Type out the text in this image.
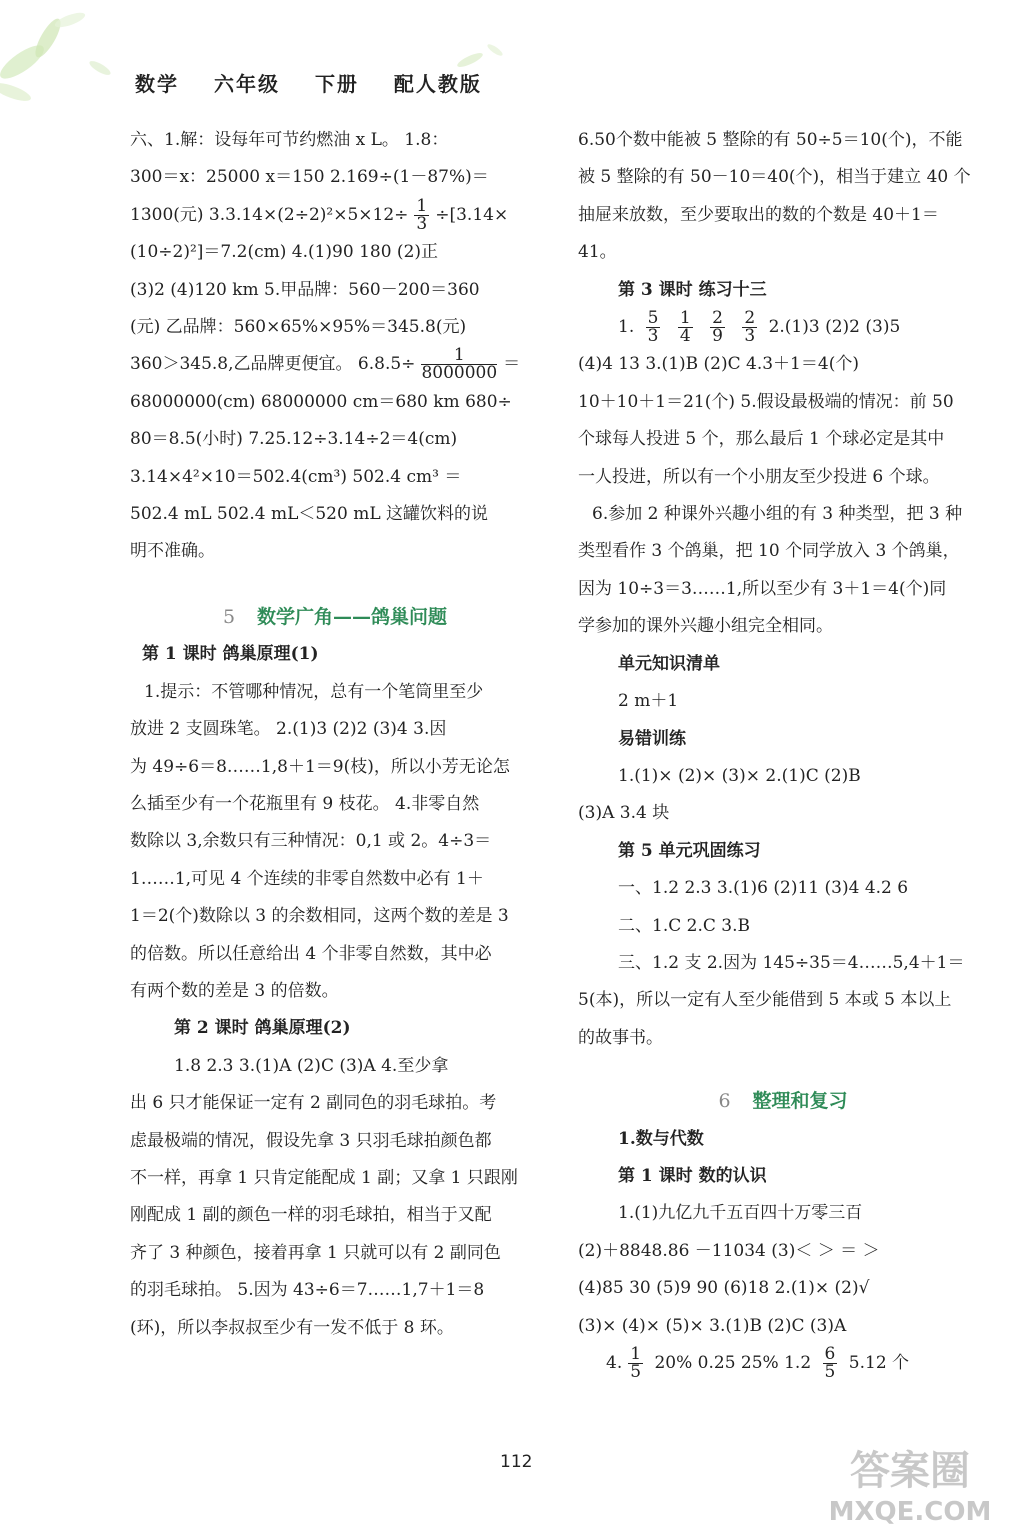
数学 六年级 下册 配人教版

六、1.解：设每年可节约燃油 x L。 1.8：

300＝x：25000 x＝150 2.169÷(1－87%)＝

1300(元) $3.3.14\times(2\div 2)^2\times 5\times 12\div \frac{1}{3} \div[3.14\times$

(10÷2)²]＝7.2(cm) 4.(1)90 180 (2)正

(3)2 (4)120 km 5.甲品牌：560－200＝360

(元) 乙品牌：560×65%×95%＝345.8(元)

360＞345.8,乙品牌更便宜。 $6.8.5\div \frac{1}{8000000}$ ＝

68000000(cm) 68000000 cm＝680 km 680÷

80＝8.5(小时) 7.25.12÷3.14÷2＝4(cm)

3.14×4²×10＝502.4(cm³) 502.4 cm³ ＝

502.4 mL 502.4 mL＜520 mL 这罐饮料的说

明不准确。

5 数学广角——鸽巢问题

第 1 课时 鸽巢原理(1)

1.提示：不管哪种情况，总有一个笔筒里至少

放进 2 支圆珠笔。 2.(1)3 (2)2 (3)4 3.因

为 49÷6＝8……1,8＋1＝9(枝)，所以小芳无论怎

么插至少有一个花瓶里有 9 枝花。 4.非零自然

数除以 3,余数只有三种情况：0,1 或 2。4÷3＝

1……1,可见 4 个连续的非零自然数中必有 1＋

1＝2(个)数除以 3 的余数相同，这两个数的差是 3

的倍数。所以任意给出 4 个非零自然数，其中必

有两个数的差是 3 的倍数。

第 2 课时 鸽巢原理(2)

1.8 2.3 3.(1)A (2)C (3)A 4.至少拿

出 6 只才能保证一定有 2 副同色的羽毛球拍。考

虑最极端的情况，假设先拿 3 只羽毛球拍颜色都

不一样，再拿 1 只肯定能配成 1 副；又拿 1 只跟刚

刚配成 1 副的颜色一样的羽毛球拍，相当于又配

齐了 3 种颜色，接着再拿 1 只就可以有 2 副同色

的羽毛球拍。 5.因为 43÷6＝7……1,7＋1＝8

(环)，所以李叔叔至少有一发不低于 8 环。

6.50个数中能被 5 整除的有 50÷5＝10(个)，不能

被 5 整除的有 50－10＝40(个)，相当于建立 40 个

抽屉来放数，至少要取出的数的个数是 40＋1＝

41。

第 3 课时 练习十三

1. $\frac{5}{3}$
$\frac{1}{4}$
$\frac{2}{9}$
$\frac{2}{3} 2.(1)3$ (2)2 (3)5

(4)4 13 3.(1)B (2)C 4.3＋1＝4(个)

10＋10＋1＝21(个) 5.假设最极端的情况：前 50

个球每人投进 5 个，那么最后 1 个球必定是其中

一人投进，所以有一个小朋友至少投进 6 个球。

6.参加 2 种课外兴趣小组的有 3 种类型，把 3 种

类型看作 3 个鸽巢，把 10 个同学放入 3 个鸽巢，

因为 10÷3＝3……1,所以至少有 3＋1＝4(个)同

学参加的课外兴趣小组完全相同。

单元知识清单

2 m＋1

易错训练

1.(1)× (2)× (3)× 2.(1)C (2)B

(3)A 3.4 块

第 5 单元巩固练习

一、1.2 2.3 3.(1)6 (2)11 (3)4 4.2 6

二、1.C 2.C 3.B

三、1.2 支 2.因为 145÷35＝4……5,4＋1＝

5(本)，所以一定有人至少能借到 5 本或 5 本以上

的故事书。

6 整理和复习

1.数与代数

第 1 课时 数的认识

1.(1)九亿九千五百四十万零三百

(2)＋8848.86 －11034 (3)＜ ＞ ＝ ＞

(4)85 30 (5)9 90 (6)18 2.(1)× (2)√

(3)× (4)× (5)× 3.(1)B (2)C (3)A

4. $\frac{1}{5} 20\%$ 0.25 25% $1.2 \frac{6}{5} 5.12$ 个

112	答案圈
MXQE.COM
